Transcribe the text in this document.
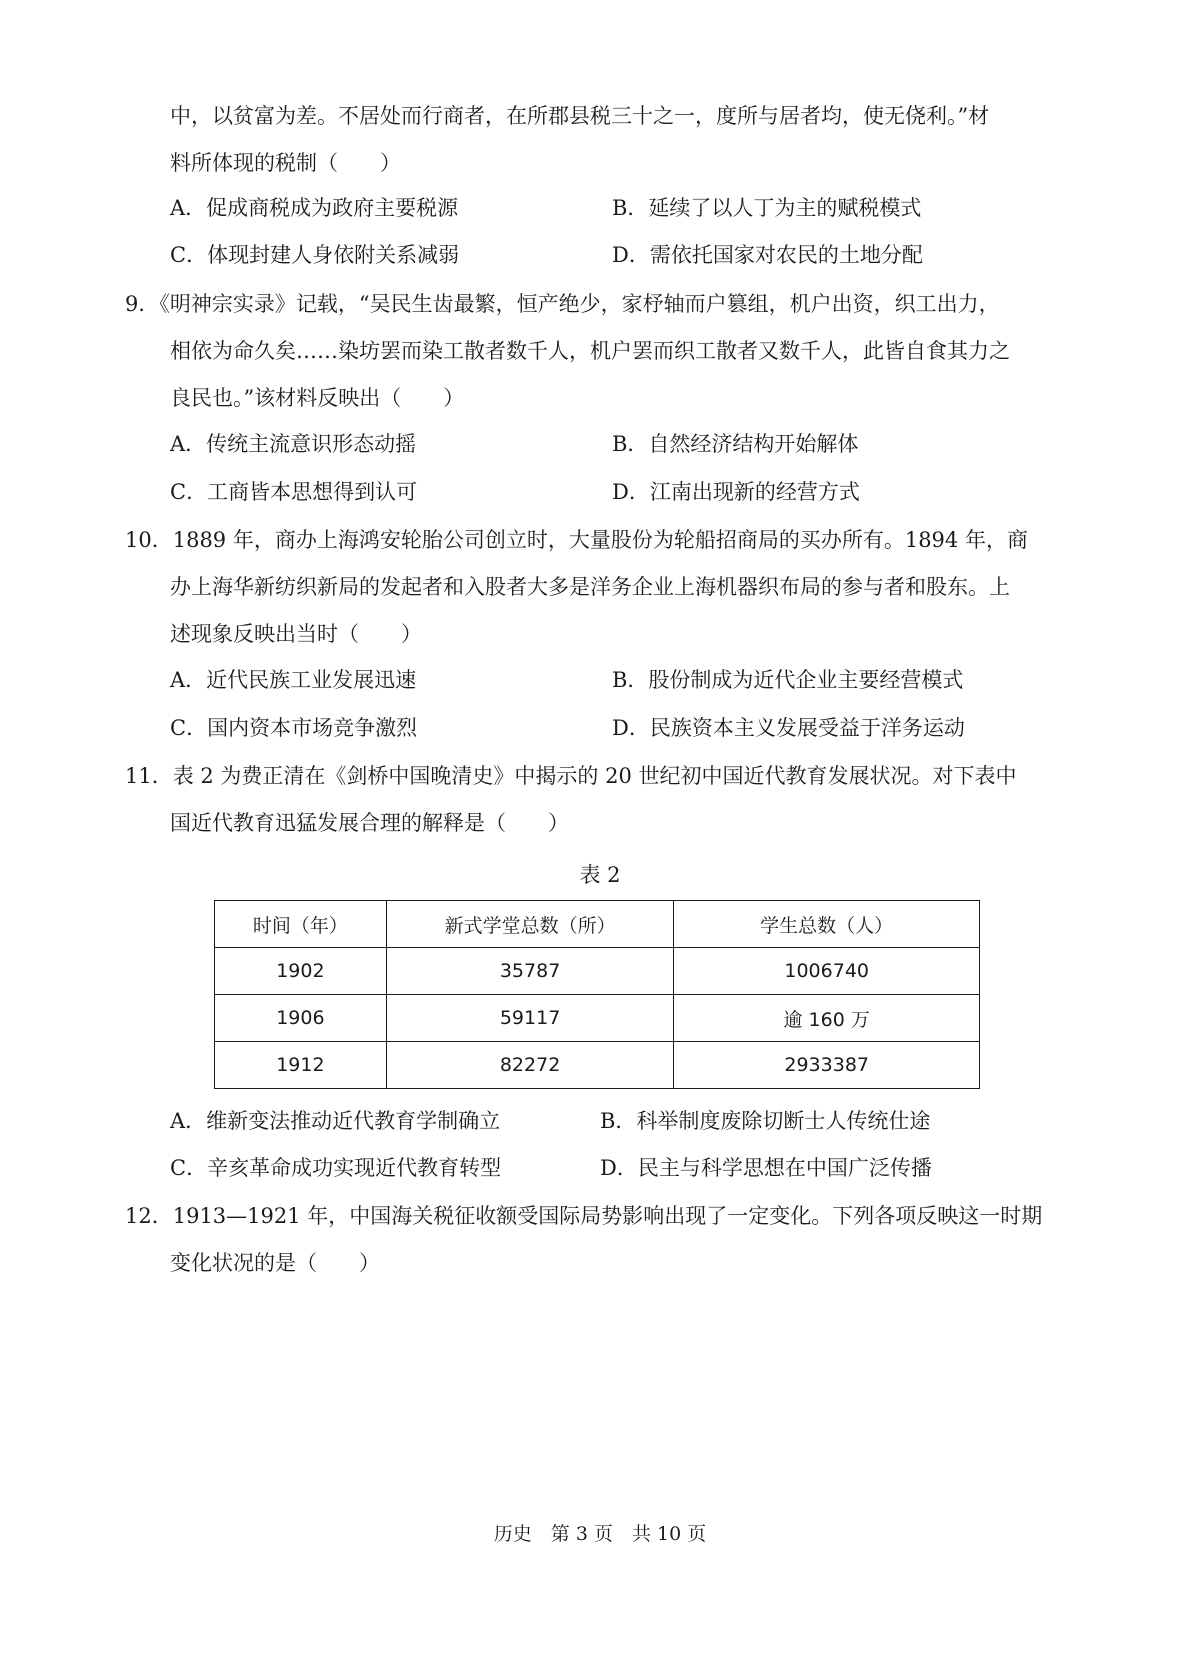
中，以贫富为差。不居处而行商者，在所郡县税三十之一，度所与居者均，使无侥利。”材
料所体现的税制（　　）
A．促成商税成为政府主要税源	B．延续了以人丁为主的赋税模式
C．体现封建人身依附关系减弱	D．需依托国家对农民的土地分配
9．《明神宗实录》记载，“吴民生齿最繁，恒产绝少，家杼轴而户篡组，机户出资，织工出力，
相依为命久矣……染坊罢而染工散者数千人，机户罢而织工散者又数千人，此皆自食其力之
良民也。”该材料反映出（　　）
A．传统主流意识形态动摇	B．自然经济结构开始解体
C．工商皆本思想得到认可	D．江南出现新的经营方式
10．1889 年，商办上海鸿安轮胎公司创立时，大量股份为轮船招商局的买办所有。1894 年，商
办上海华新纺织新局的发起者和入股者大多是洋务企业上海机器织布局的参与者和股东。上
述现象反映出当时（　　）
A．近代民族工业发展迅速	B．股份制成为近代企业主要经营模式
C．国内资本市场竞争激烈	D．民族资本主义发展受益于洋务运动
11．表 2 为费正清在《剑桥中国晚清史》中揭示的 20 世纪初中国近代教育发展状况。对下表中
国近代教育迅猛发展合理的解释是（　　）
表 2
时间（年）	新式学堂总数（所）	学生总数（人）
1902	35787	1006740
1906	59117	逾 160 万
1912	82272	2933387
A．维新变法推动近代教育学制确立	B．科举制度废除切断士人传统仕途
C．辛亥革命成功实现近代教育转型	D．民主与科学思想在中国广泛传播
12．1913—1921 年，中国海关税征收额受国际局势影响出现了一定变化。下列各项反映这一时期
变化状况的是（　　）
历史　第 3 页　共 10 页
